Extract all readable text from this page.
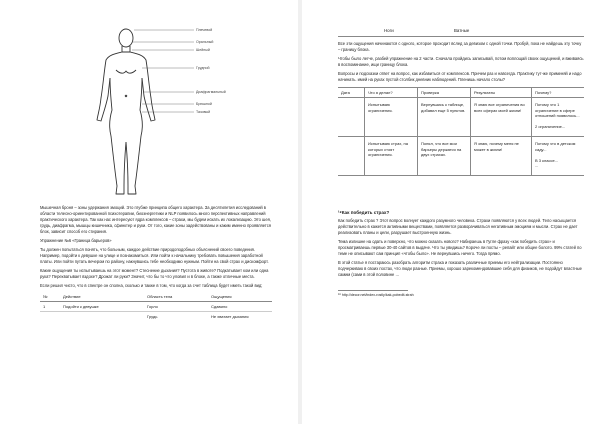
Плечевой
Оральный
Шейный
Грудной
Диафрагмальный
Брюшной
Тазовый

Мышечная броня – зоны удержания эмоций. Это глубже принципа общего характера. За десятилетия исследований в области телесно-ориентированной психотерапии, биоэнергетики и NLP появилось много перспективных направлений практического характера. Так как нас интересуют ядра комплексов – страхи, мы будем искать их локализацию. Это шея, грудь, диафрагма, мышцы кишечника, сфинктер и руки. От того, какие зоны задействованы и каким именно проявляется блок, зависит способ его стирания.

Упражнение №6 «Граница барьеров»

Ты должен попытаться понять, что больным, каждое действие природоподобных объяснений своего поведения. Например, подойти к девушке на улице и познакомиться. Или пойти к начальнику требовать повышения заработной платы. Или пойти путать вечером по району, накнувшись тебе необходимо нужным. Пойти на свой страх и дискомфорт.

Какие ощущения ты испытываешь на этот момент? Стеснение дыхания? Пустота в животе? Подкатывает ком или одна рука? Перехватывает вздохе? Дрожат ли руки? Значит, что бы то что уловил и в блоке, а также отличные места.

Если решил чисто, что в спектре он сполна, сколько и также в том, что когда за счет таблица будет иметь такой вид:

№	Действие	Область тела	Ощущения
1	Подойти к девушке	Горло	Сдавило
		Грудь	Не хватает дыхания
Ноги	Ватные

Все эти ощущения начинаются с одного, которое проходит вслед за девизом с одной точки. Пробуй, пока не найдешь эту точку – границу блока.

Чтобы было легче, разбей упражнение на 2 части. Сначала пройдись записывай, потом воплощай своих ощущений, и вживаясь в воспоминание, ищи границу блока.

Вопросы и подсказки ответ на вопрос, как избавиться от комплексов. Причем раз и навсегда. Практику тут-же применяй и надо начинать. имей на руках пустой столбик дневник наблюдений. Пленишь начало столы?

Дата	Что я делал?	Проверка	Результаты	Почему?
	Испытываю ограничения.	Вернувшись к таблице, добавил еще 5 пунктов.	Я знаю все ограничения во всех сферах моей жизни!	Потому что 1 ограничение в сфере отношений появилось...

2 ограничение...
	Испытываю страх, на которых стоят ограничения.	Понял, что все мои барьеры держатся на двух страхах.	Я знаю, почему меня не может в жизни!	Потому что в детском саду...

В 3 классе...
...

¹⁸Как победить страх?

Как победить страх ? Этот вопрос волнует каждого разумного человека. Страхи появляются у всех людей. Тело насыщается действительно в кажется активными веществами, появляется разворачиваться негативным эмоциям и мысли. Страх не дает реализовать планы и цели, разрушает выстроенную жизнь.

Тема излишне на одать и поверхно, что можно сказать нового? Набираешь в Гугле фразу «как победить страх» и просматриваешь первые 30-40 сайтов в выдаче. Что ты увидишь? Короче ли посты – репайт или общее болото. 99% статей по теме не описывают сам принцип «чтобы было». Не вернувшись ничего. Тогда прямо.

В этой статье я постараюсь разобрать алгоритм страха и показать различные приемы его нейтрализации. Постоянно подчеркиваю в своих постах, что люди разные. Приемы, хорошо зарекомендовавшие себя для физиков, не подойдут властные самим (сами в этой половине …

¹⁸ http://decor.net/index-rostly/kak-pobedit-strah
